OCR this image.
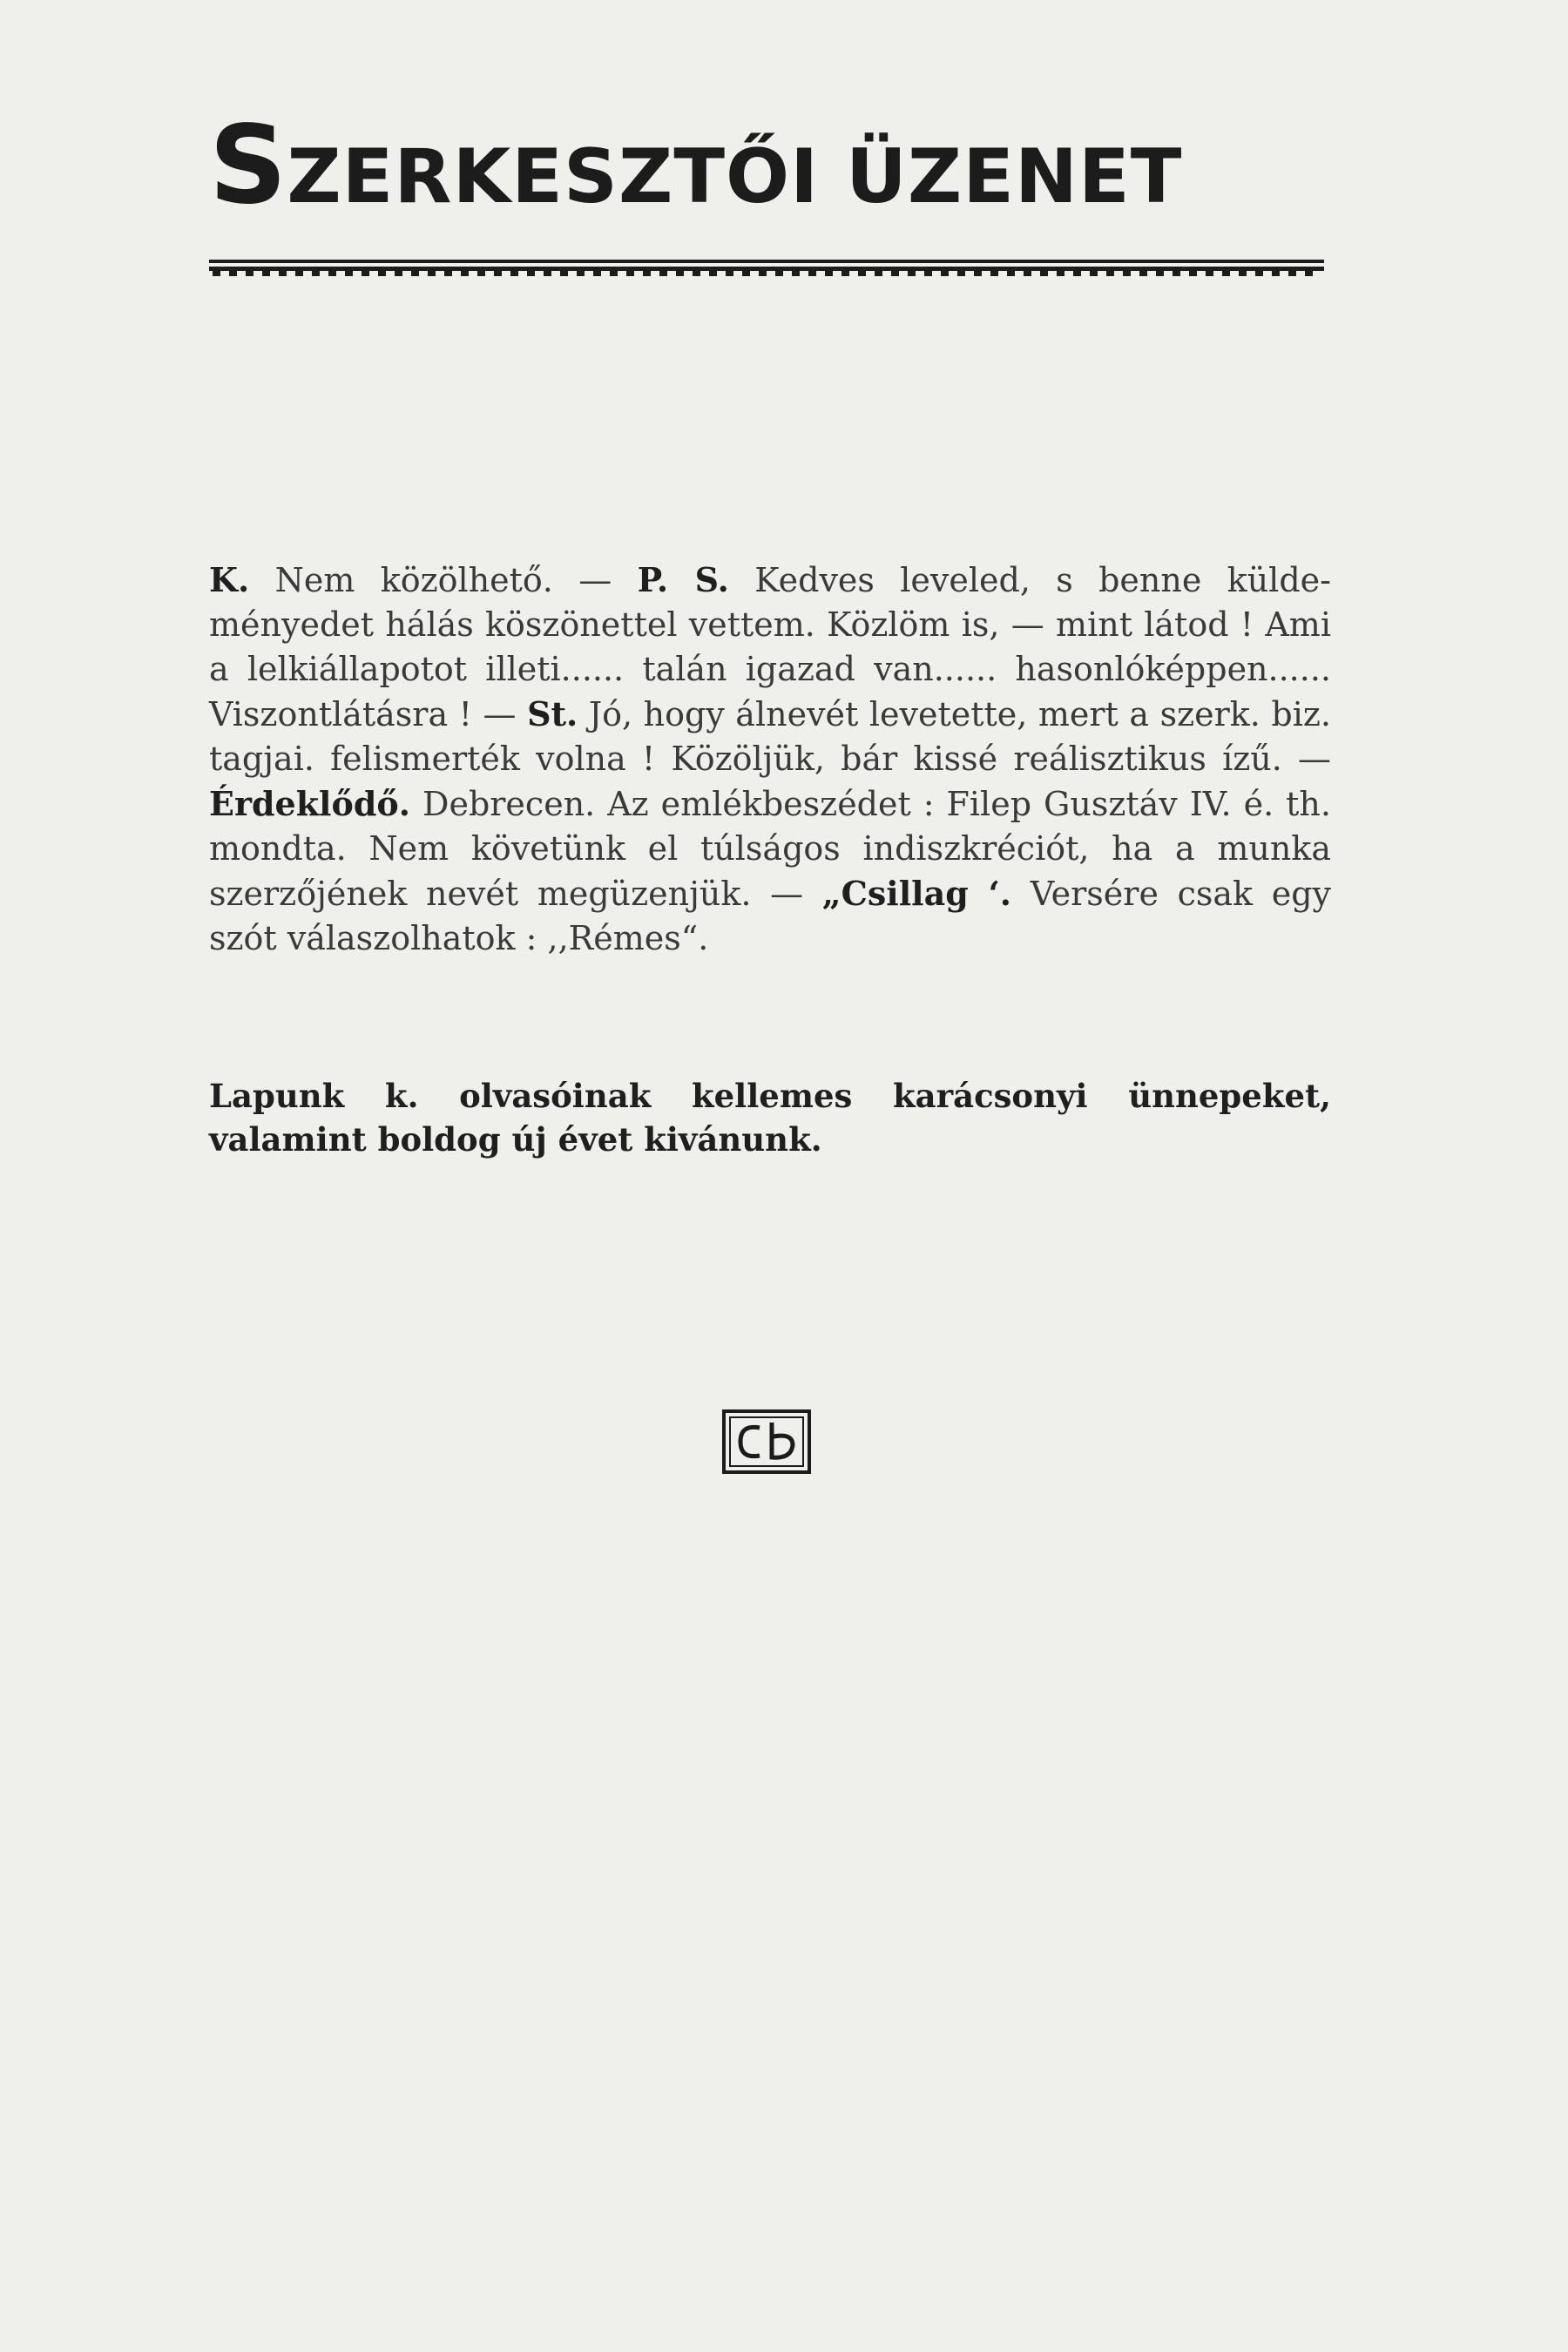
SZERKESZTŐI ÜZENET

K. Nem közölhető. — P. S. Kedves leveled, s benne küldeményedet hálás köszönettel vettem. Közlöm is, — mint látod ! Ami a lelkiállapotot illeti...... talán igazad van...... hasonlóképpen...... Viszontlátásra ! — St. Jó, hogy álnevét levetette, mert a szerk. biz. tagjai. felismerték volna ! Közöljük, bár kissé reálisztikus ízű. — Érdeklődő. Debrecen. Az emlékbeszédet : Filep Gusztáv IV. é. th. mondta. Nem követünk el túlságos indiszkréciót, ha a munka szerzőjének nevét megüzenjük. — „Csillag ‘. Versére csak egy szót válaszolhatok : ,,Rémes“.

Lapunk k. olvasóinak kellemes karácsonyi ünnepeket, valamint boldog új évet kivánunk.
